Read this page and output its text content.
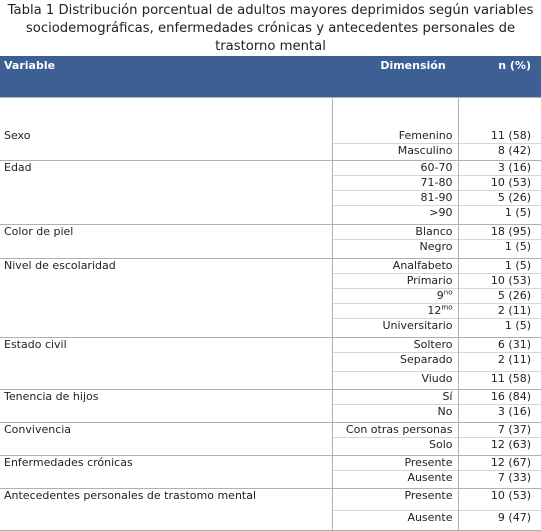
Tabla 1 Distribución porcentual de adultos mayores deprimidos según variables sociodemográficas, enfermedades crónicas y antecedentes personales de trastorno mental
Variable	Dimensión	n (%)
Sexo	Femenino	11 (58)
	Masculino	8 (42)
Edad	60-70	3 (16)
	71-80	10 (53)
	81-90	5 (26)
	>90	1 (5)
Color de piel	Blanco	18 (95)
	Negro	1 (5)
Nivel de escolaridad	Analfabeto	1 (5)
	Primario	10 (53)
	$9^{no}$	5 (26)
	$12^{mo}$	2 (11)
	Universitario	1 (5)
Estado civil	Soltero	6 (31)
	Separado	2 (11)
	Viudo	11 (58)
Tenencia de hijos	Sí	16 (84)
	No	3 (16)
Convivencia	Con otras personas	7 (37)
	Solo	12 (63)
Enfermedades crónicas	Presente	12 (67)
	Ausente	7 (33)
Antecedentes personales de trastomo mental	Presente	10 (53)
	Ausente	9 (47)
